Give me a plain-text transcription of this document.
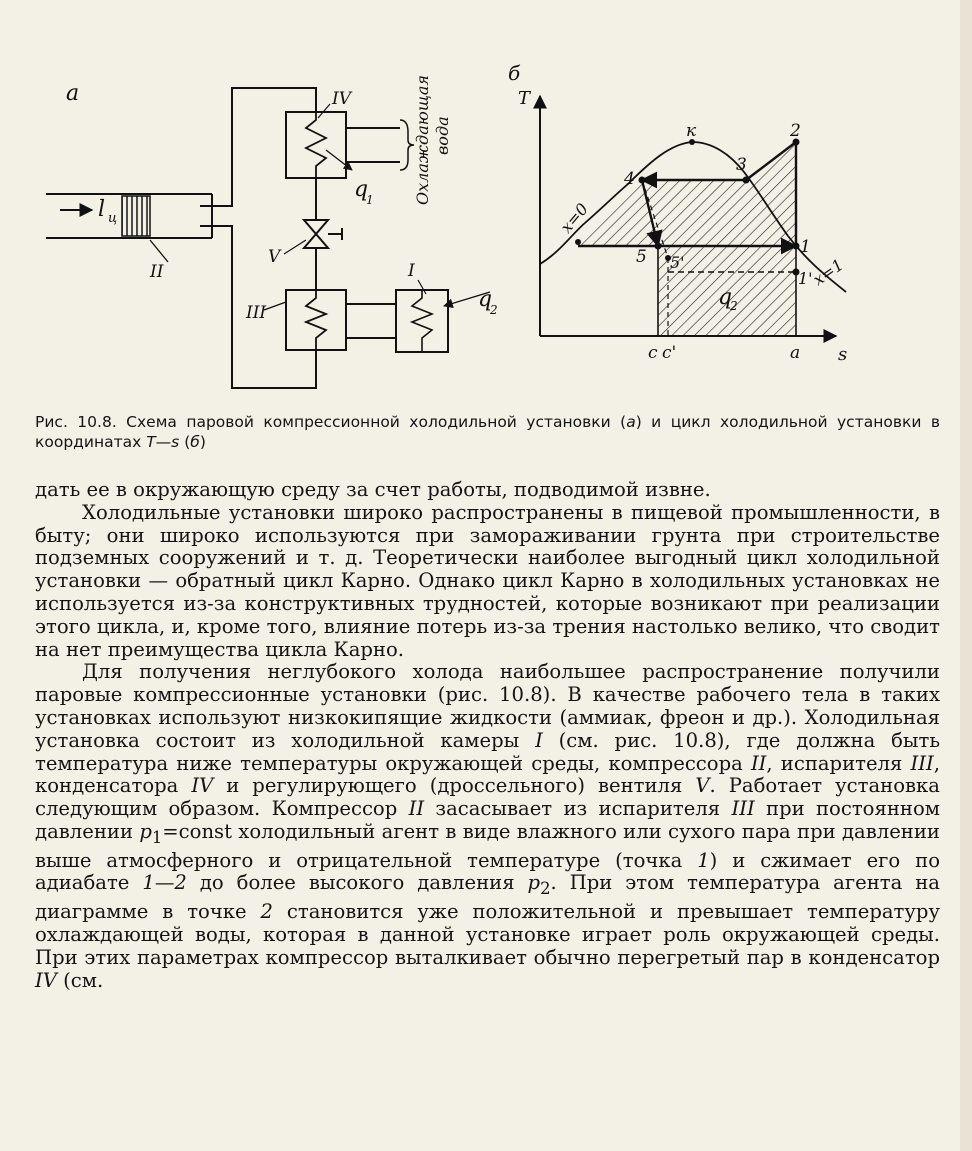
а
l ц
II
IV
V
III
I
q
1
q
2
Охлаждающая вода
б
T
s
к	2
3
4
1
1'
5 5'
x=0
x=1
q
2
с с'	а

Рис. 10.8. Схема паровой компрессионной холодильной установки (а) и цикл холодильной установки в координатах Т—s (б)

дать ее в окружающую среду за счет работы, подводимой извне.

Холодильные установки широко распространены в пищевой промышленности, в быту; они широко используются при замораживании грунта при строительстве подземных сооружений и т. д. Теоретически наиболее выгодный цикл холодильной установки — обратный цикл Карно. Однако цикл Карно в холодильных установках не используется из-за конструктивных трудностей, которые возникают при реализации этого цикла, и, кроме того, влияние потерь из-за трения настолько велико, что сводит на нет преимущества цикла Карно.

Для получения неглубокого холода наибольшее распространение получили паровые компрессионные установки (рис. 10.8). В качестве рабочего тела в таких установках используют низкокипящие жидкости (аммиак, фреон и др.). Холодильная установка состоит из холодильной камеры I (см. рис. 10.8), где должна быть температура ниже температуры окружающей среды, компрессора II, испарителя III, конденсатора IV и регулирующего (дроссельного) вентиля V. Работает установка следующим образом. Компрессор II засасывает из испарителя III при постоянном давлении $p_1=const$ холодильный агент в виде влажного или сухого пара при давлении выше атмосферного и отрицательной температуре (точка 1) и сжимает его по адиабате 1—2 до более высокого давления $p_2$. При этом температура агента на диаграмме в точке 2 становится уже положительной и превышает температуру охлаждающей воды, которая в данной установке играет роль окружающей среды. При этих параметрах компрессор выталкивает обычно перегретый пар в конденсатор IV (см.
